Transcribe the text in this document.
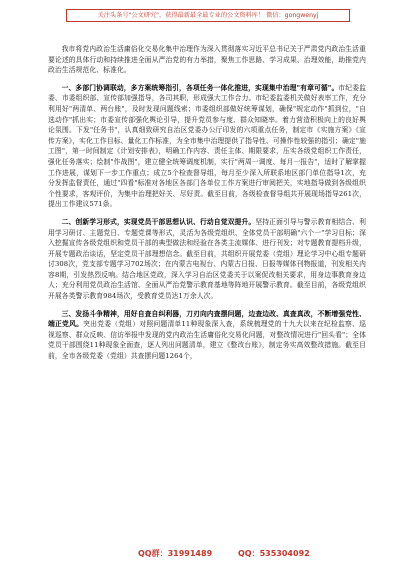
关注头条号"公文研究"，获得最新最全最专业的公文资料库！ 微信：gongwenyj

我市将党内政治生活庸俗化交易化集中治理作为深入贯彻落实习近平总书记关于严肃党内政治生活重要论述的具体行动和持续推进全面从严治党的有力举措，聚焦工作思路、学习成果、治理效能，助推党内政治生活规范化、标准化。

一、多部门协调联动，多方案统筹指引，各项任务一体化推进，实现集中治理"有章可循"。市纪委监委、市委组织部、宣传部加强指导，各司其职，形成强大工作合力。市纪委监委机关做好表率工作，充分利用好"两清单、两台账"，及时发现问题线索；市委组织部做好统筹谋划，确保"规定动作"抓到位，"自选动作"抓出实；市委宣传部强化舆论引导，提升党员参与度、群众知晓率。着力营造积极向上的良好舆论氛围。下发"任务书"，认真细致研究自治区党委办公厅印发的六项重点任务，制定市《实施方案》《宣传方案》，实化工作目标、量化工作标准，为全市集中治理提供了指导性、可操作性较强的指引；确定"施工图"，第一时间制定《计划安排表》，明确工作内容、责任主体、期限要求，压实各级党组织工作责任，强化任务落实；绘制"作战图"，建立健全统筹调度机制，实行"两周一调度、每月一报告"，适时了解掌握工作进展，谋划下一步工作重点；成立5个检查督导组，每月至少深入所联系地区部门单位指导1次，充分发挥监督责任，通过"四看"标准对各地区各部门各单位工作方案进行审阅把关，实地指导做到各级组织个性要求，客观评价，为集中治理把好关、尽好责。截至目前，各级检查督导组共开展现场指导261次，提出工作建议571条。

二、创新学习形式，实现党员干部思想认识、行动自觉双提升。坚持正面引导与警示教育相结合、利用学习研讨、主题党日、专题党课等形式，灵活为各级党组织、全体党员干部明确"六个一"学习目标；深入挖掘宣传各级党组织和党员干部的典型做法和经验在各类主流媒体、进行刊发；对专题教育提档升级，开展专题政治谈话，坚定党员干部理想信念。截至目前，共组织开展党委（党组）理论学习中心组专题研讨308次，党支部专题学习702场次；在内蒙古电视台、内蒙古日报、日报等媒体刊物报道，刊发相关内容8期，引发热烈反响。结合地区党政，深入学习自治区党委关于以案促改相关要求，用身边事教育身边人；充分利用党员政治生活馆、全面从严治党警示教育基地等阵地开展警示教育。截至目前，各级党组织开展各类警示教育984场次，受教育党员达1万余人次。

三、发扬斗争精神，用好自查自纠利器，刀刃向内查摆问题，边查边改、真查真改，不断增强党性、端正党风。突出党委（党组）对照问题清单11种现象深入查，系统梳理党的十九大以来在纪检监察、巡视巡察、群众反映、信访举报中发现的党内政治生活庸俗化交易化问题，对整改情况进行"回头看"；全体党员干部围绕11种现象全面查，逐人列出问题清单，建立《整改台账》，制定务实高效整改措施。截至目前，全市各级党委（党组）共查摆问题1264个，

QQ群：31991489	QQ：535304092
